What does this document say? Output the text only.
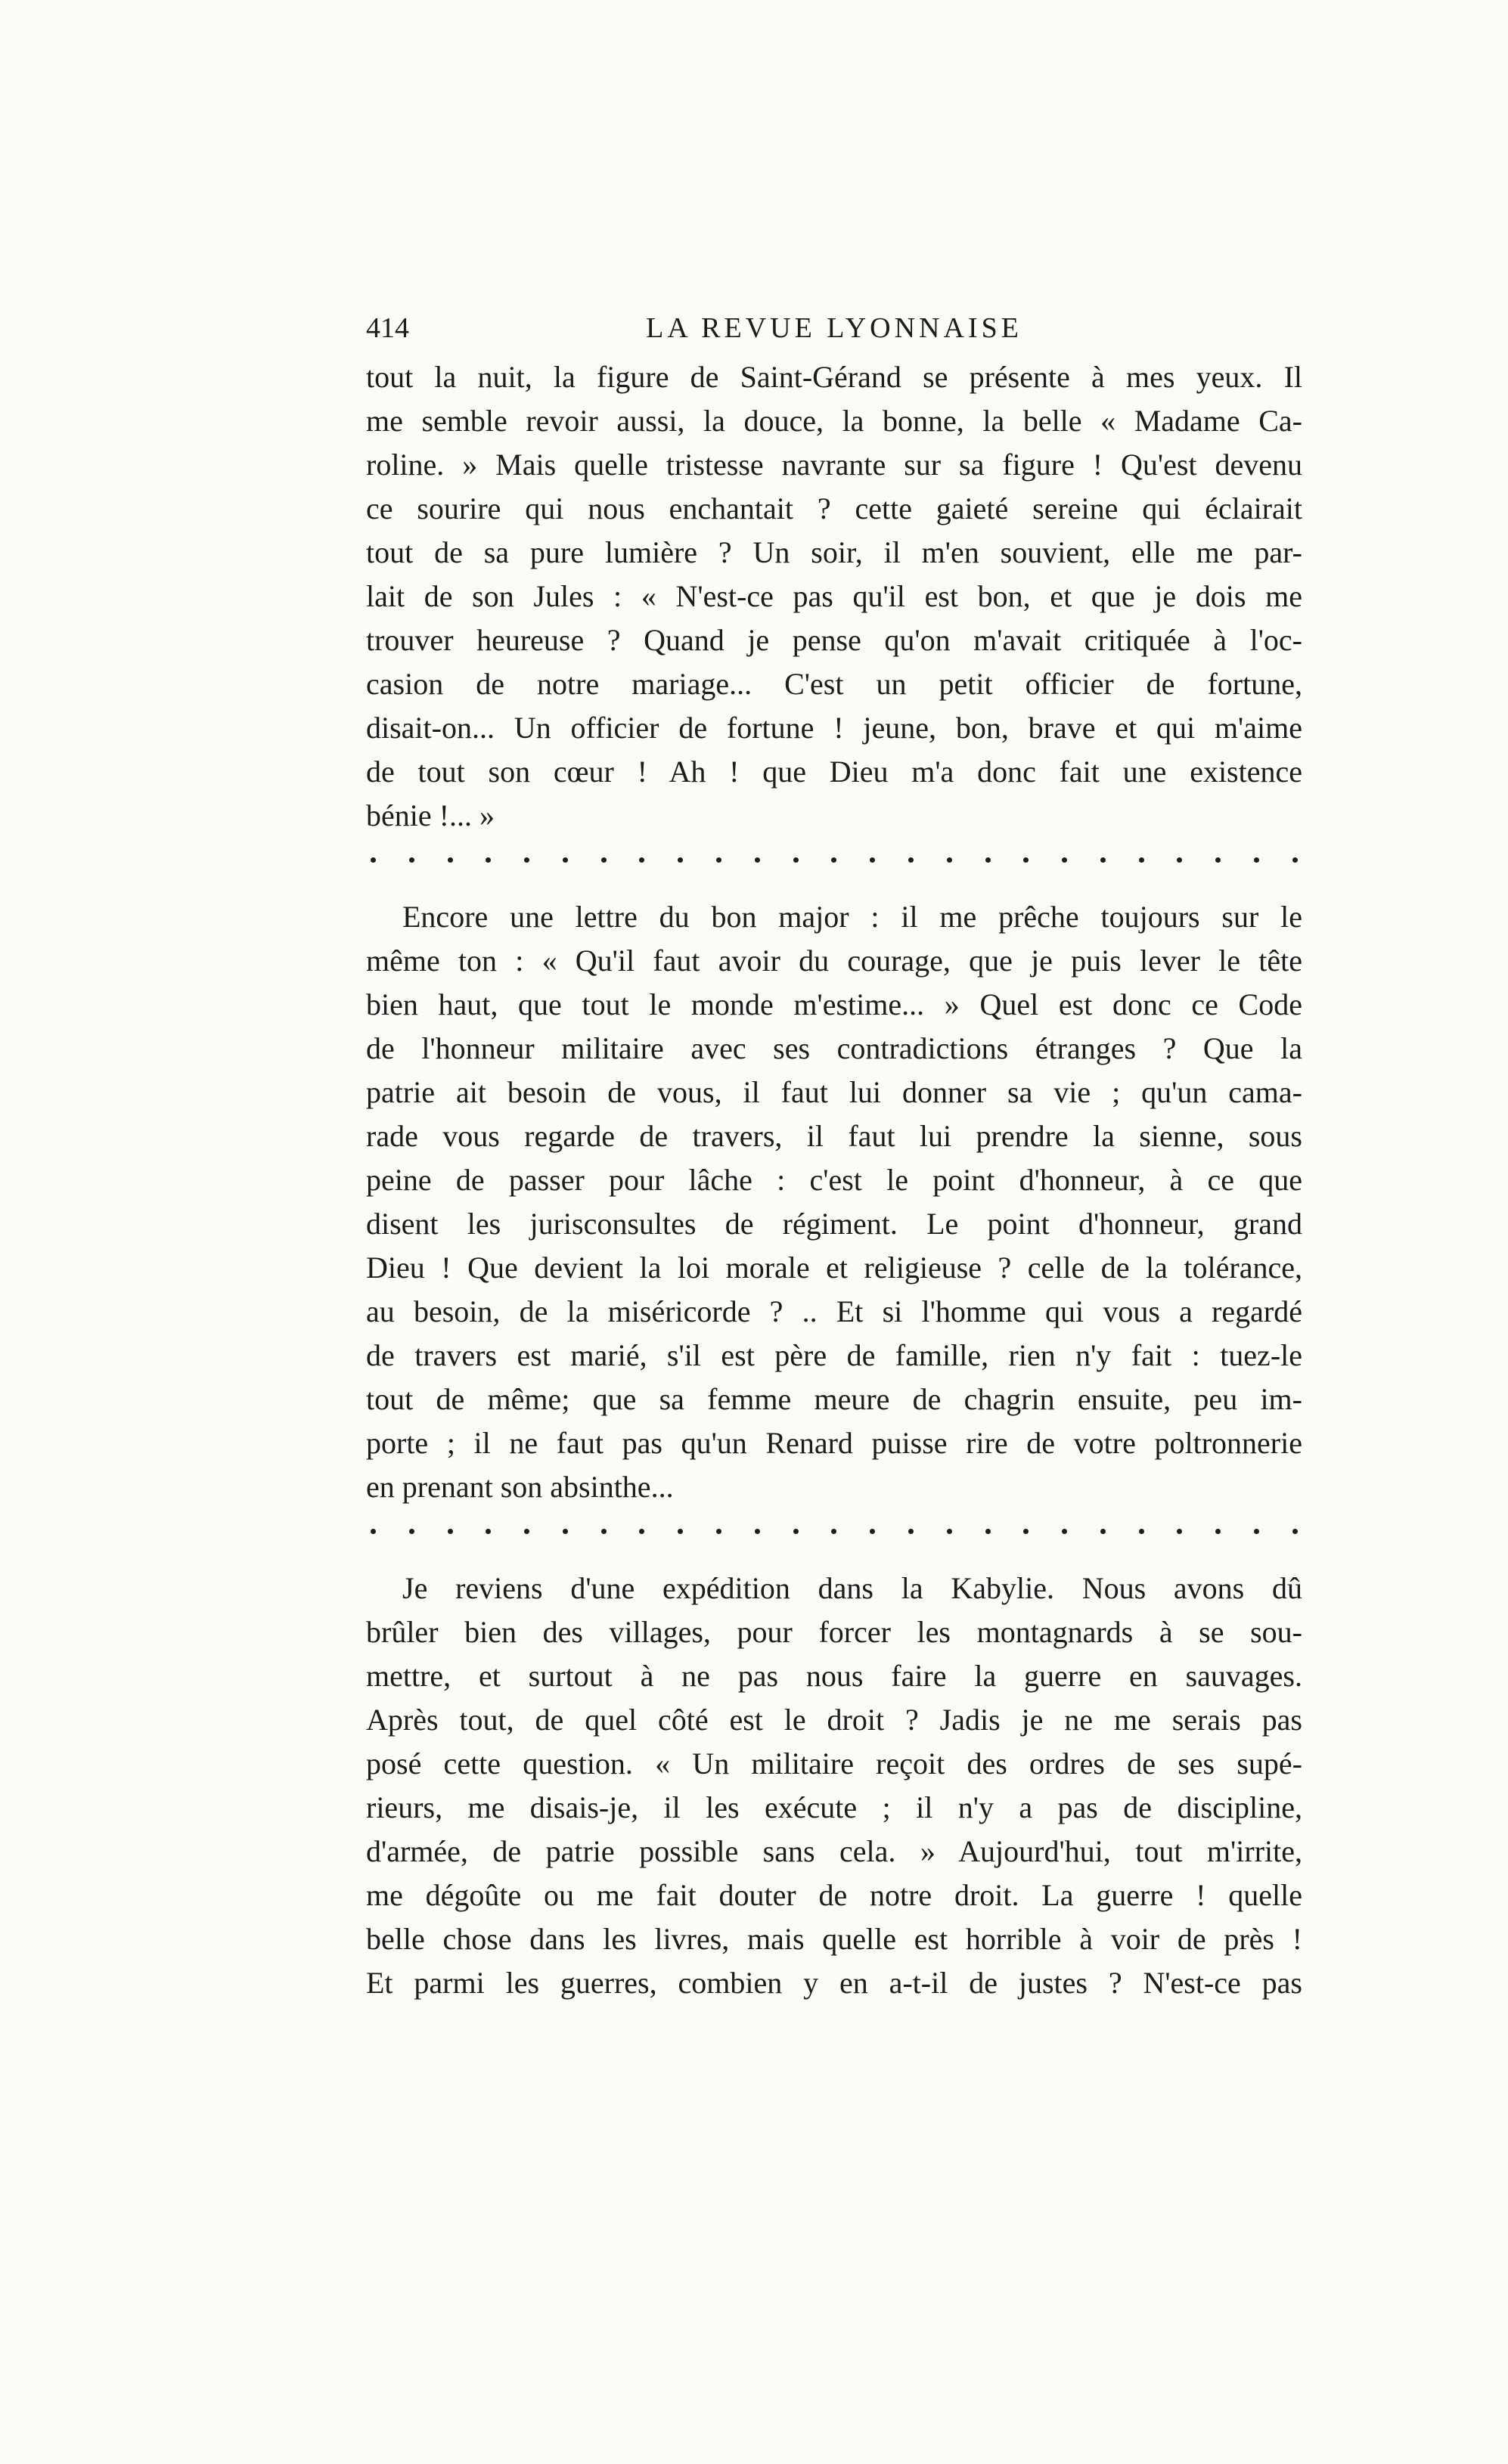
414	LA REVUE LYONNAISE
tout la nuit, la figure de Saint-Gérand se présente à mes yeux. Il
me semble revoir aussi, la douce, la bonne, la belle « Madame Ca-
roline. » Mais quelle tristesse navrante sur sa figure ! Qu'est devenu
ce sourire qui nous enchantait ? cette gaieté sereine qui éclairait
tout de sa pure lumière ? Un soir, il m'en souvient, elle me par-
lait de son Jules : « N'est-ce pas qu'il est bon, et que je dois me
trouver heureuse ? Quand je pense qu'on m'avait critiquée à l'oc-
casion de notre mariage... C'est un petit officier de fortune,
disait-on... Un officier de fortune ! jeune, bon, brave et qui m'aime
de tout son cœur ! Ah ! que Dieu m'a donc fait une existence
bénie !... »
Encore une lettre du bon major : il me prêche toujours sur le
même ton : « Qu'il faut avoir du courage, que je puis lever le tête
bien haut, que tout le monde m'estime... » Quel est donc ce Code
de l'honneur militaire avec ses contradictions étranges ? Que la
patrie ait besoin de vous, il faut lui donner sa vie ; qu'un cama-
rade vous regarde de travers, il faut lui prendre la sienne, sous
peine de passer pour lâche : c'est le point d'honneur, à ce que
disent les jurisconsultes de régiment. Le point d'honneur, grand
Dieu ! Que devient la loi morale et religieuse ? celle de la tolérance,
au besoin, de la miséricorde ? .. Et si l'homme qui vous a regardé
de travers est marié, s'il est père de famille, rien n'y fait : tuez-le
tout de même; que sa femme meure de chagrin ensuite, peu im-
porte ; il ne faut pas qu'un Renard puisse rire de votre poltronnerie
en prenant son absinthe...
Je reviens d'une expédition dans la Kabylie. Nous avons dû
brûler bien des villages, pour forcer les montagnards à se sou-
mettre, et surtout à ne pas nous faire la guerre en sauvages.
Après tout, de quel côté est le droit ? Jadis je ne me serais pas
posé cette question. « Un militaire reçoit des ordres de ses supé-
rieurs, me disais-je, il les exécute ; il n'y a pas de discipline,
d'armée, de patrie possible sans cela. » Aujourd'hui, tout m'irrite,
me dégoûte ou me fait douter de notre droit. La guerre ! quelle
belle chose dans les livres, mais quelle est horrible à voir de près !
Et parmi les guerres, combien y en a-t-il de justes ? N'est-ce pas
